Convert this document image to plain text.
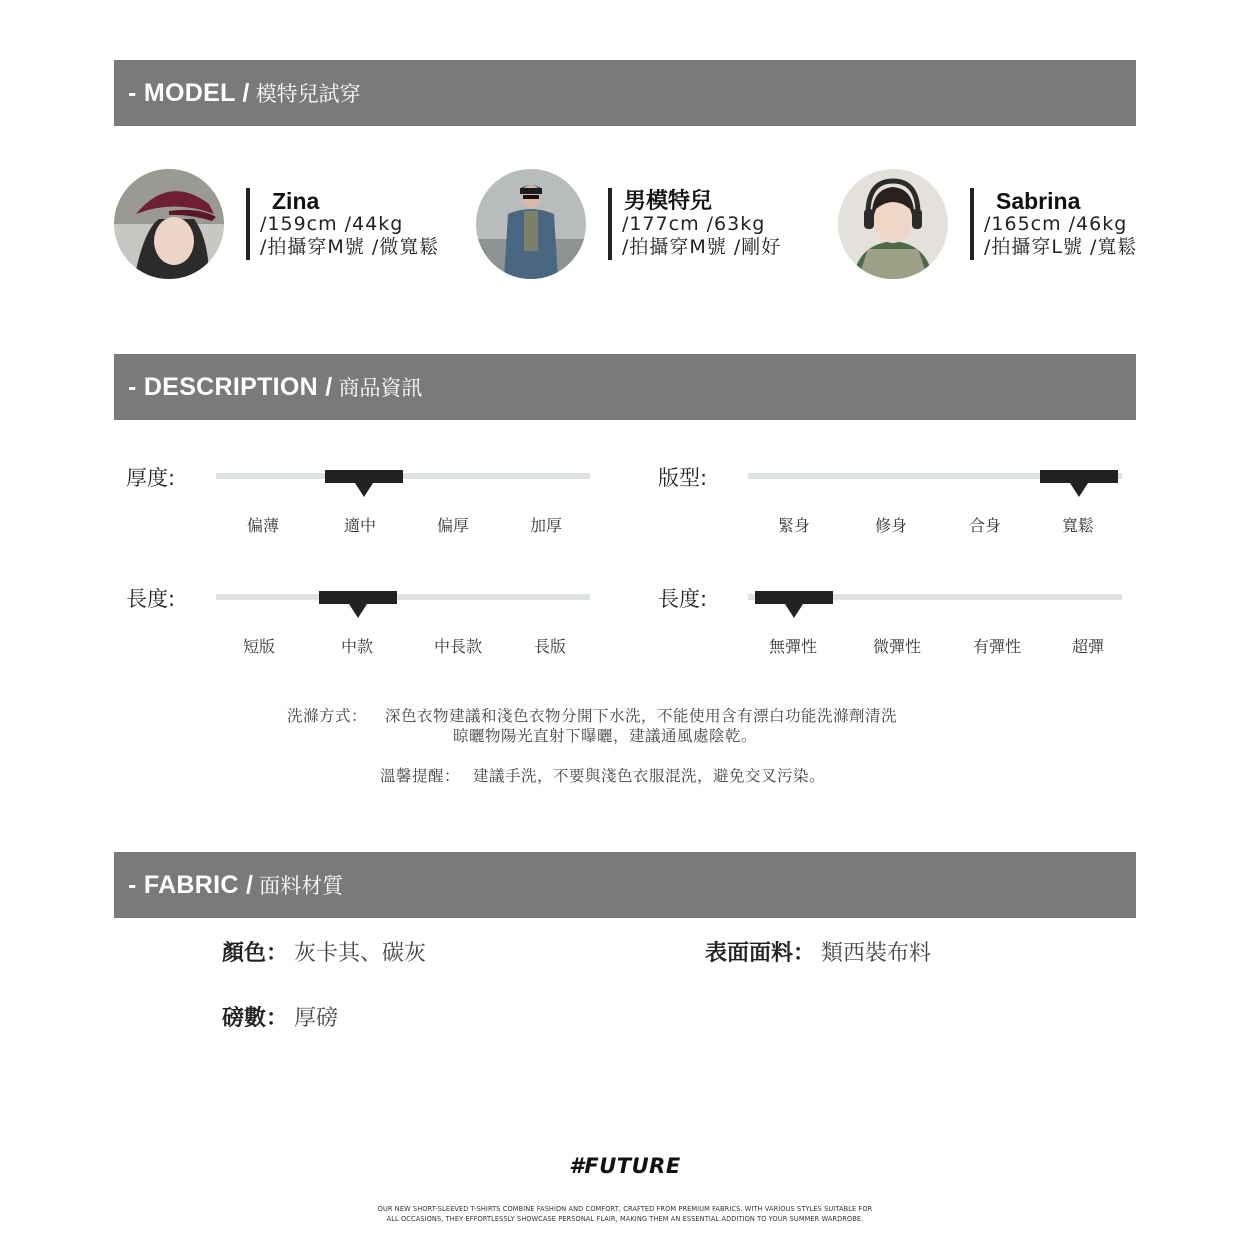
- MODEL / 模特兒試穿
Zina
/159cm /44kg
/拍攝穿M號 /微寬鬆
男模特兒
/177cm /63kg
/拍攝穿M號 /剛好
Sabrina
/165cm /46kg
/拍攝穿L號 /寬鬆
- DESCRIPTION / 商品資訊
厚度:
偏薄	適中	偏厚	加厚
版型:
緊身	修身	合身	寬鬆
長度:
短版	中款	中長款	長版
長度:
無彈性	微彈性	有彈性	超彈
洗滌方式： 深色衣物建議和淺色衣物分開下水洗，不能使用含有漂白功能洗滌劑清洗
晾曬物陽光直射下曝曬，建議通風處陰乾。
溫馨提醒： 建議手洗，不要與淺色衣服混洗，避免交叉污染。
- FABRIC / 面料材質
顏色： 灰卡其、碳灰	表面面料： 類西裝布料
磅數： 厚磅
#FUTURE
OUR NEW SHORT-SLEEVED T-SHIRTS COMBINE FASHION AND COMFORT, CRAFTED FROM PREMIUM FABRICS. WITH VARIOUS STYLES SUITABLE FOR
ALL OCCASIONS, THEY EFFORTLESSLY SHOWCASE PERSONAL FLAIR, MAKING THEM AN ESSENTIAL ADDITION TO YOUR SUMMER WARDROBE.
